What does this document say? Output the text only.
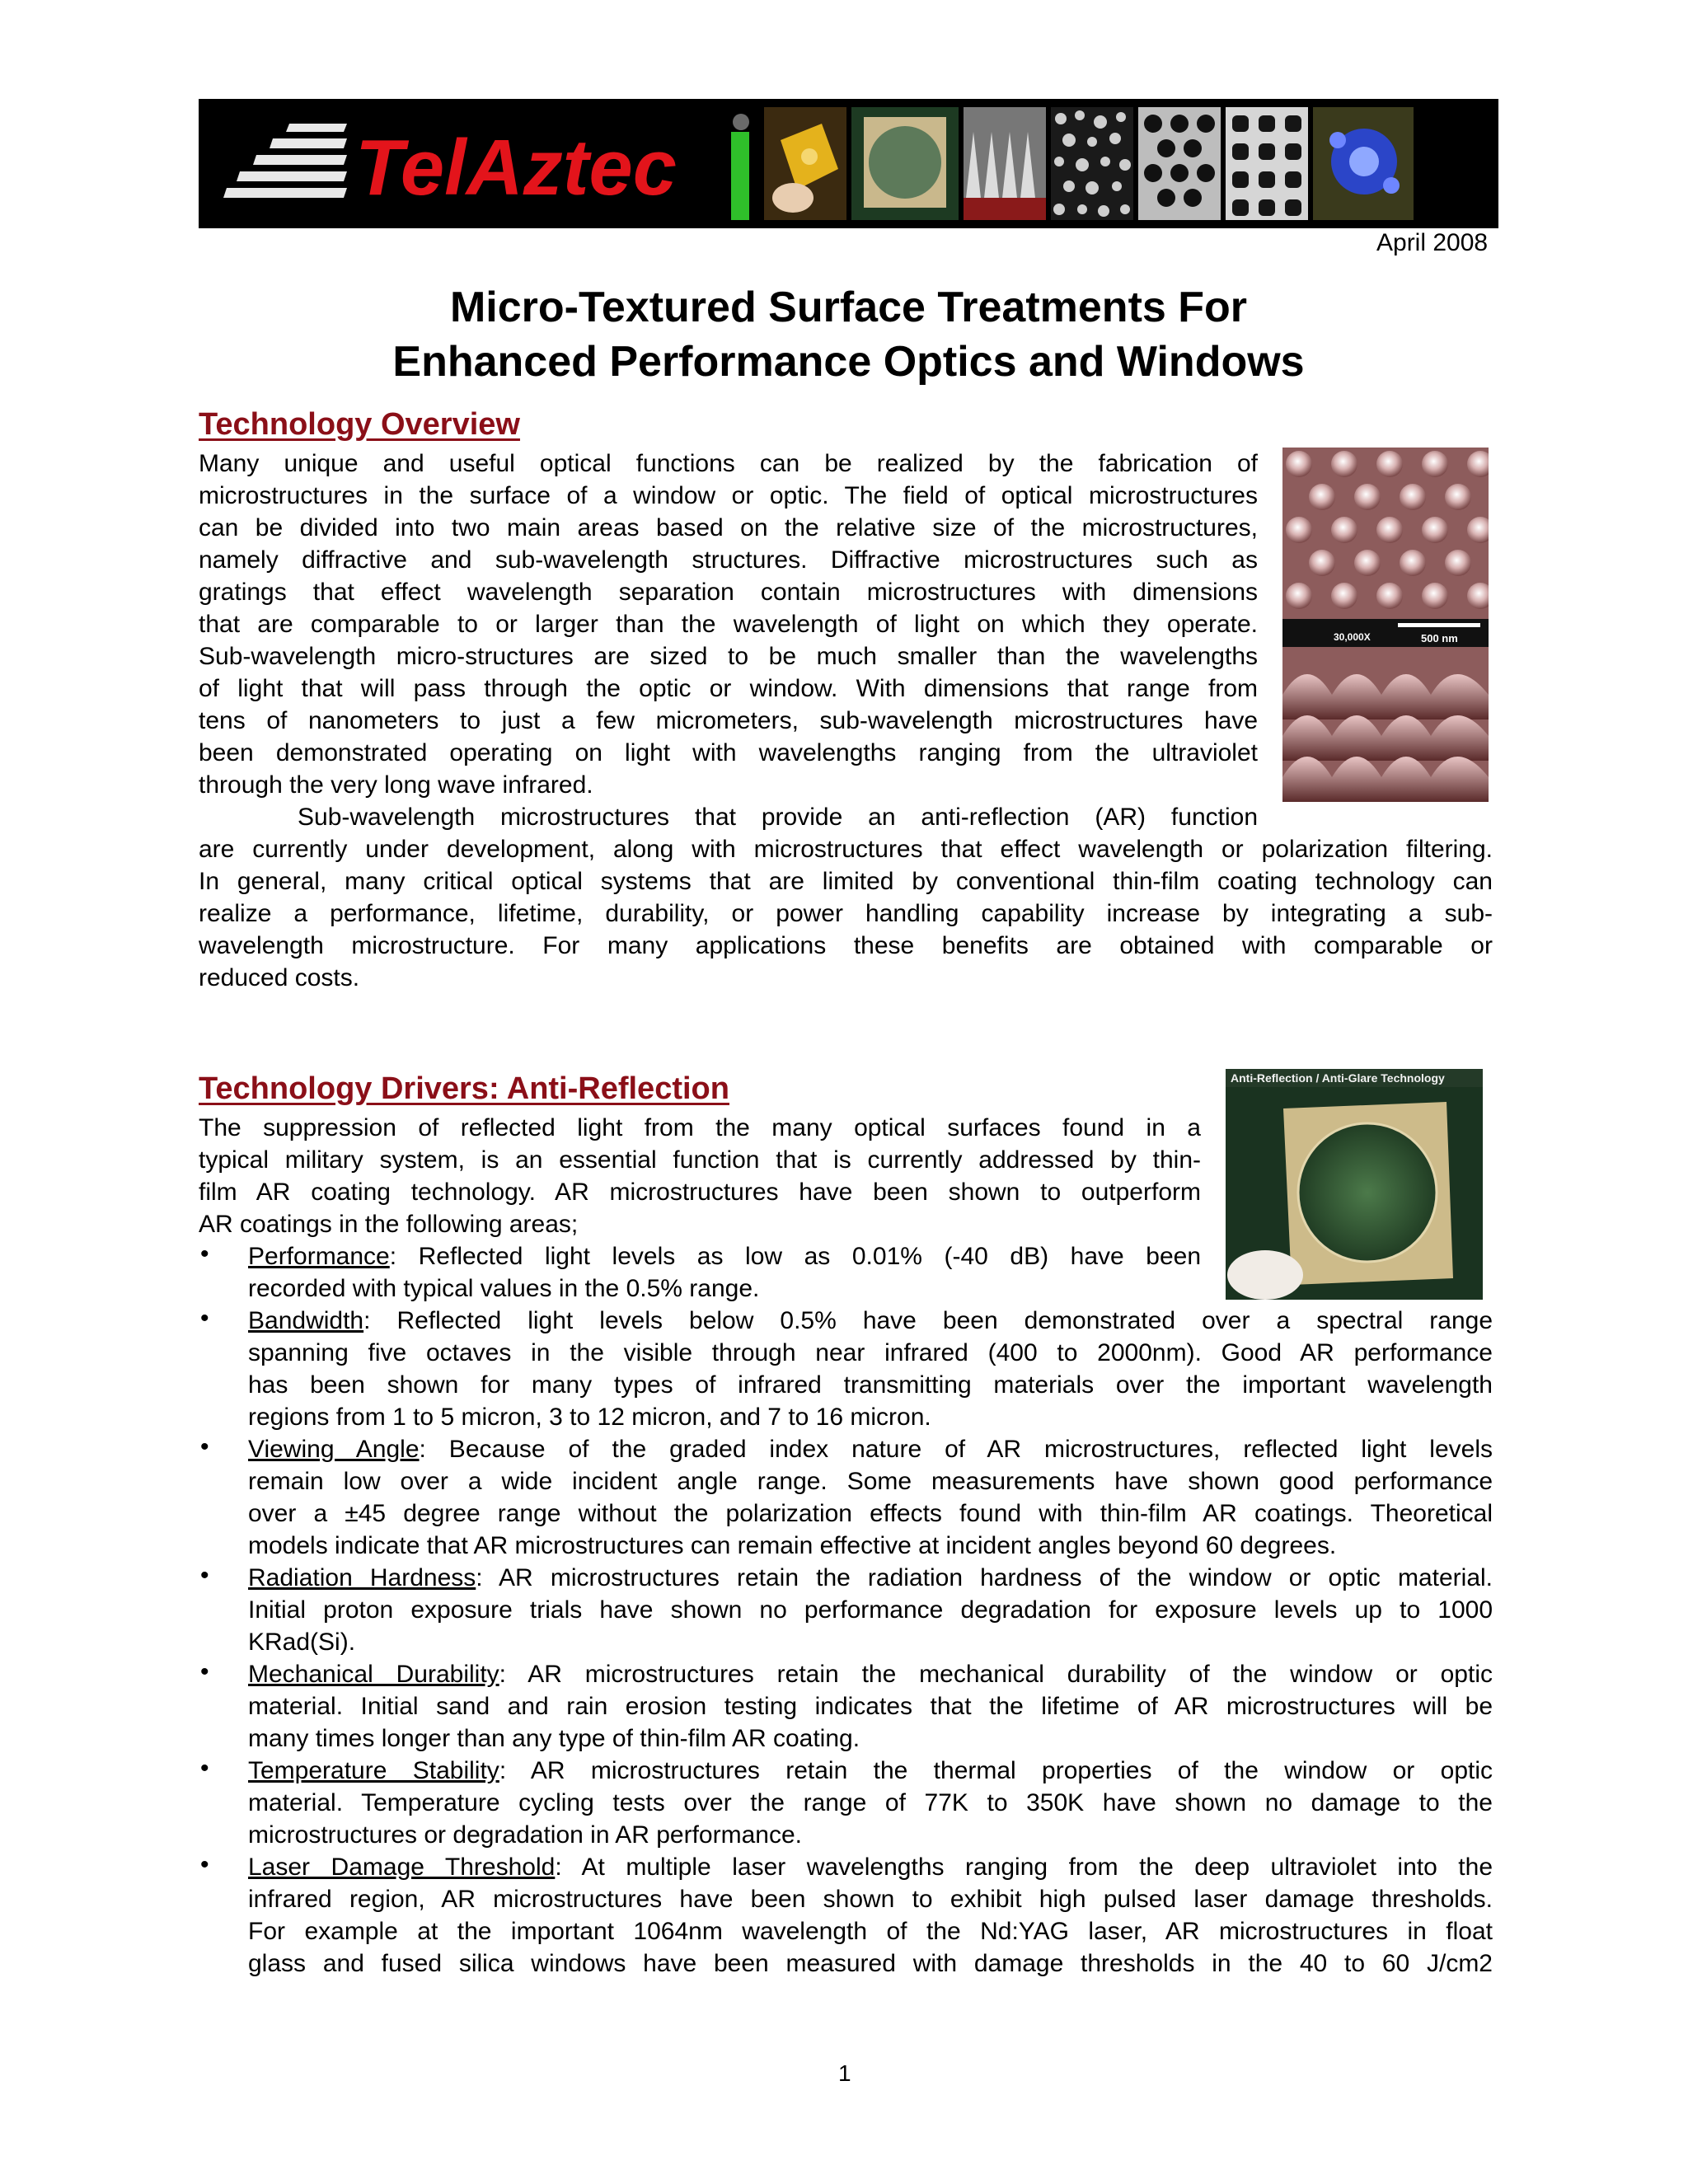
TelAztec
April 2008
Micro-Textured Surface Treatments For
Enhanced Performance Optics and Windows
Technology Overview
Many unique and useful optical functions can be realized by the fabrication of
microstructures in the surface of a window or optic. The field of optical microstructures
can be divided into two main areas based on the relative size of the microstructures,
namely diffractive and sub-wavelength structures. Diffractive microstructures such as
gratings that effect wavelength separation contain microstructures with dimensions
that are comparable to or larger than the wavelength of light on which they operate.
Sub-wavelength micro-structures are sized to be much smaller than the wavelengths
of light that will pass through the optic or window. With dimensions that range from
tens of nanometers to just a few micrometers, sub-wavelength microstructures have
been demonstrated operating on light with wavelengths ranging from the ultraviolet
through the very long wave infrared.
Sub-wavelength microstructures that provide an anti-reflection (AR) function
are currently under development, along with microstructures that effect wavelength or polarization filtering.
In general, many critical optical systems that are limited by conventional thin-film coating technology can
realize a performance, lifetime, durability, or power handling capability increase by integrating a sub-
wavelength microstructure. For many applications these benefits are obtained with comparable or
reduced costs.
30,000X	500 nm
Technology Drivers: Anti-Reflection
The suppression of reflected light from the many optical surfaces found in a
typical military system, is an essential function that is currently addressed by thin-
film AR coating technology. AR microstructures have been shown to outperform
AR coatings in the following areas;
Anti-Reflection / Anti-Glare Technology
• Performance: Reflected light levels as low as 0.01% (-40 dB) have been
recorded with typical values in the 0.5% range.
• Bandwidth: Reflected light levels below 0.5% have been demonstrated over a spectral range
spanning five octaves in the visible through near infrared (400 to 2000nm). Good AR performance
has been shown for many types of infrared transmitting materials over the important wavelength
regions from 1 to 5 micron, 3 to 12 micron, and 7 to 16 micron.
• Viewing Angle: Because of the graded index nature of AR microstructures, reflected light levels
remain low over a wide incident angle range. Some measurements have shown good performance
over a ±45 degree range without the polarization effects found with thin-film AR coatings. Theoretical
models indicate that AR microstructures can remain effective at incident angles beyond 60 degrees.
• Radiation Hardness: AR microstructures retain the radiation hardness of the window or optic material.
Initial proton exposure trials have shown no performance degradation for exposure levels up to 1000
KRad(Si).
• Mechanical Durability: AR microstructures retain the mechanical durability of the window or optic
material. Initial sand and rain erosion testing indicates that the lifetime of AR microstructures will be
many times longer than any type of thin-film AR coating.
• Temperature Stability: AR microstructures retain the thermal properties of the window or optic
material. Temperature cycling tests over the range of 77K to 350K have shown no damage to the
microstructures or degradation in AR performance.
• Laser Damage Threshold: At multiple laser wavelengths ranging from the deep ultraviolet into the
infrared region, AR microstructures have been shown to exhibit high pulsed laser damage thresholds.
For example at the important 1064nm wavelength of the Nd:YAG laser, AR microstructures in float
glass and fused silica windows have been measured with damage thresholds in the 40 to 60 J/cm2
1
